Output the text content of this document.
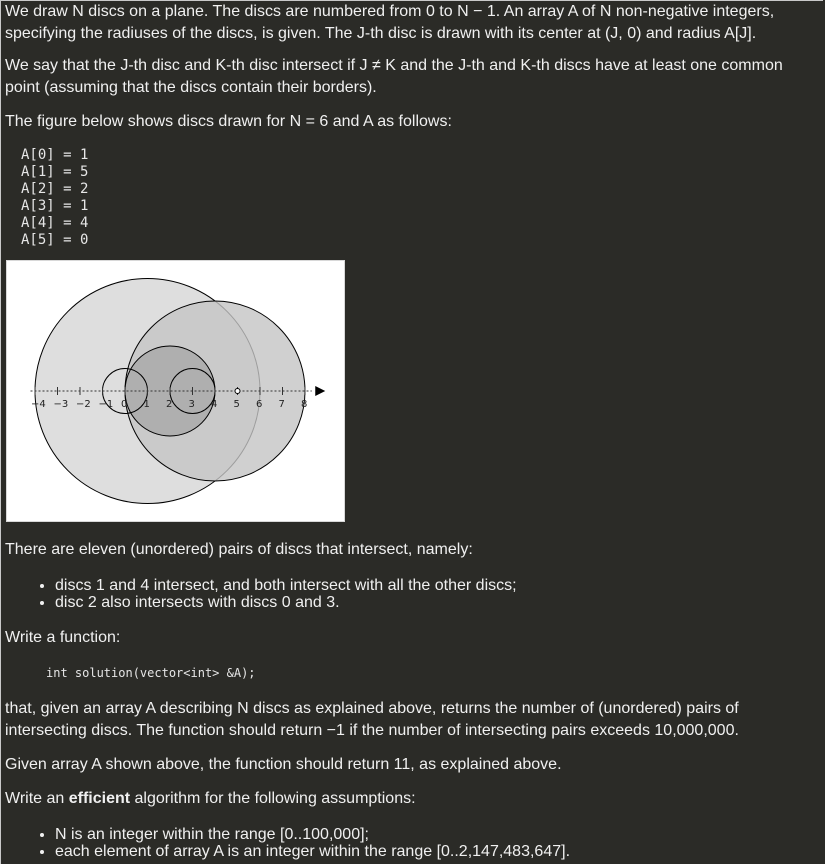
We draw N discs on a plane. The discs are numbered from 0 to N − 1. An array A of N non-negative integers, specifying the radiuses of the discs, is given. The J-th disc is drawn with its center at (J, 0) and radius A[J].

We say that the J-th disc and K-th disc intersect if J ≠ K and the J-th and K-th discs have at least one common point (assuming that the discs contain their borders).

The figure below shows discs drawn for N = 6 and A as follows:

A[0] = 1
A[1] = 5
A[2] = 2
A[3] = 1
A[4] = 4
A[5] = 0
−4 −3 −2 −1 0 1 2 3 4 5 6 7 8

There are eleven (unordered) pairs of discs that intersect, namely:

• discs 1 and 4 intersect, and both intersect with all the other discs;
• disc 2 also intersects with discs 0 and 3.

Write a function:

int solution(vector<int> &A);

that, given an array A describing N discs as explained above, returns the number of (unordered) pairs of intersecting discs. The function should return −1 if the number of intersecting pairs exceeds 10,000,000.

Given array A shown above, the function should return 11, as explained above.

Write an efficient algorithm for the following assumptions:

• N is an integer within the range [0..100,000];
• each element of array A is an integer within the range [0..2,147,483,647].
